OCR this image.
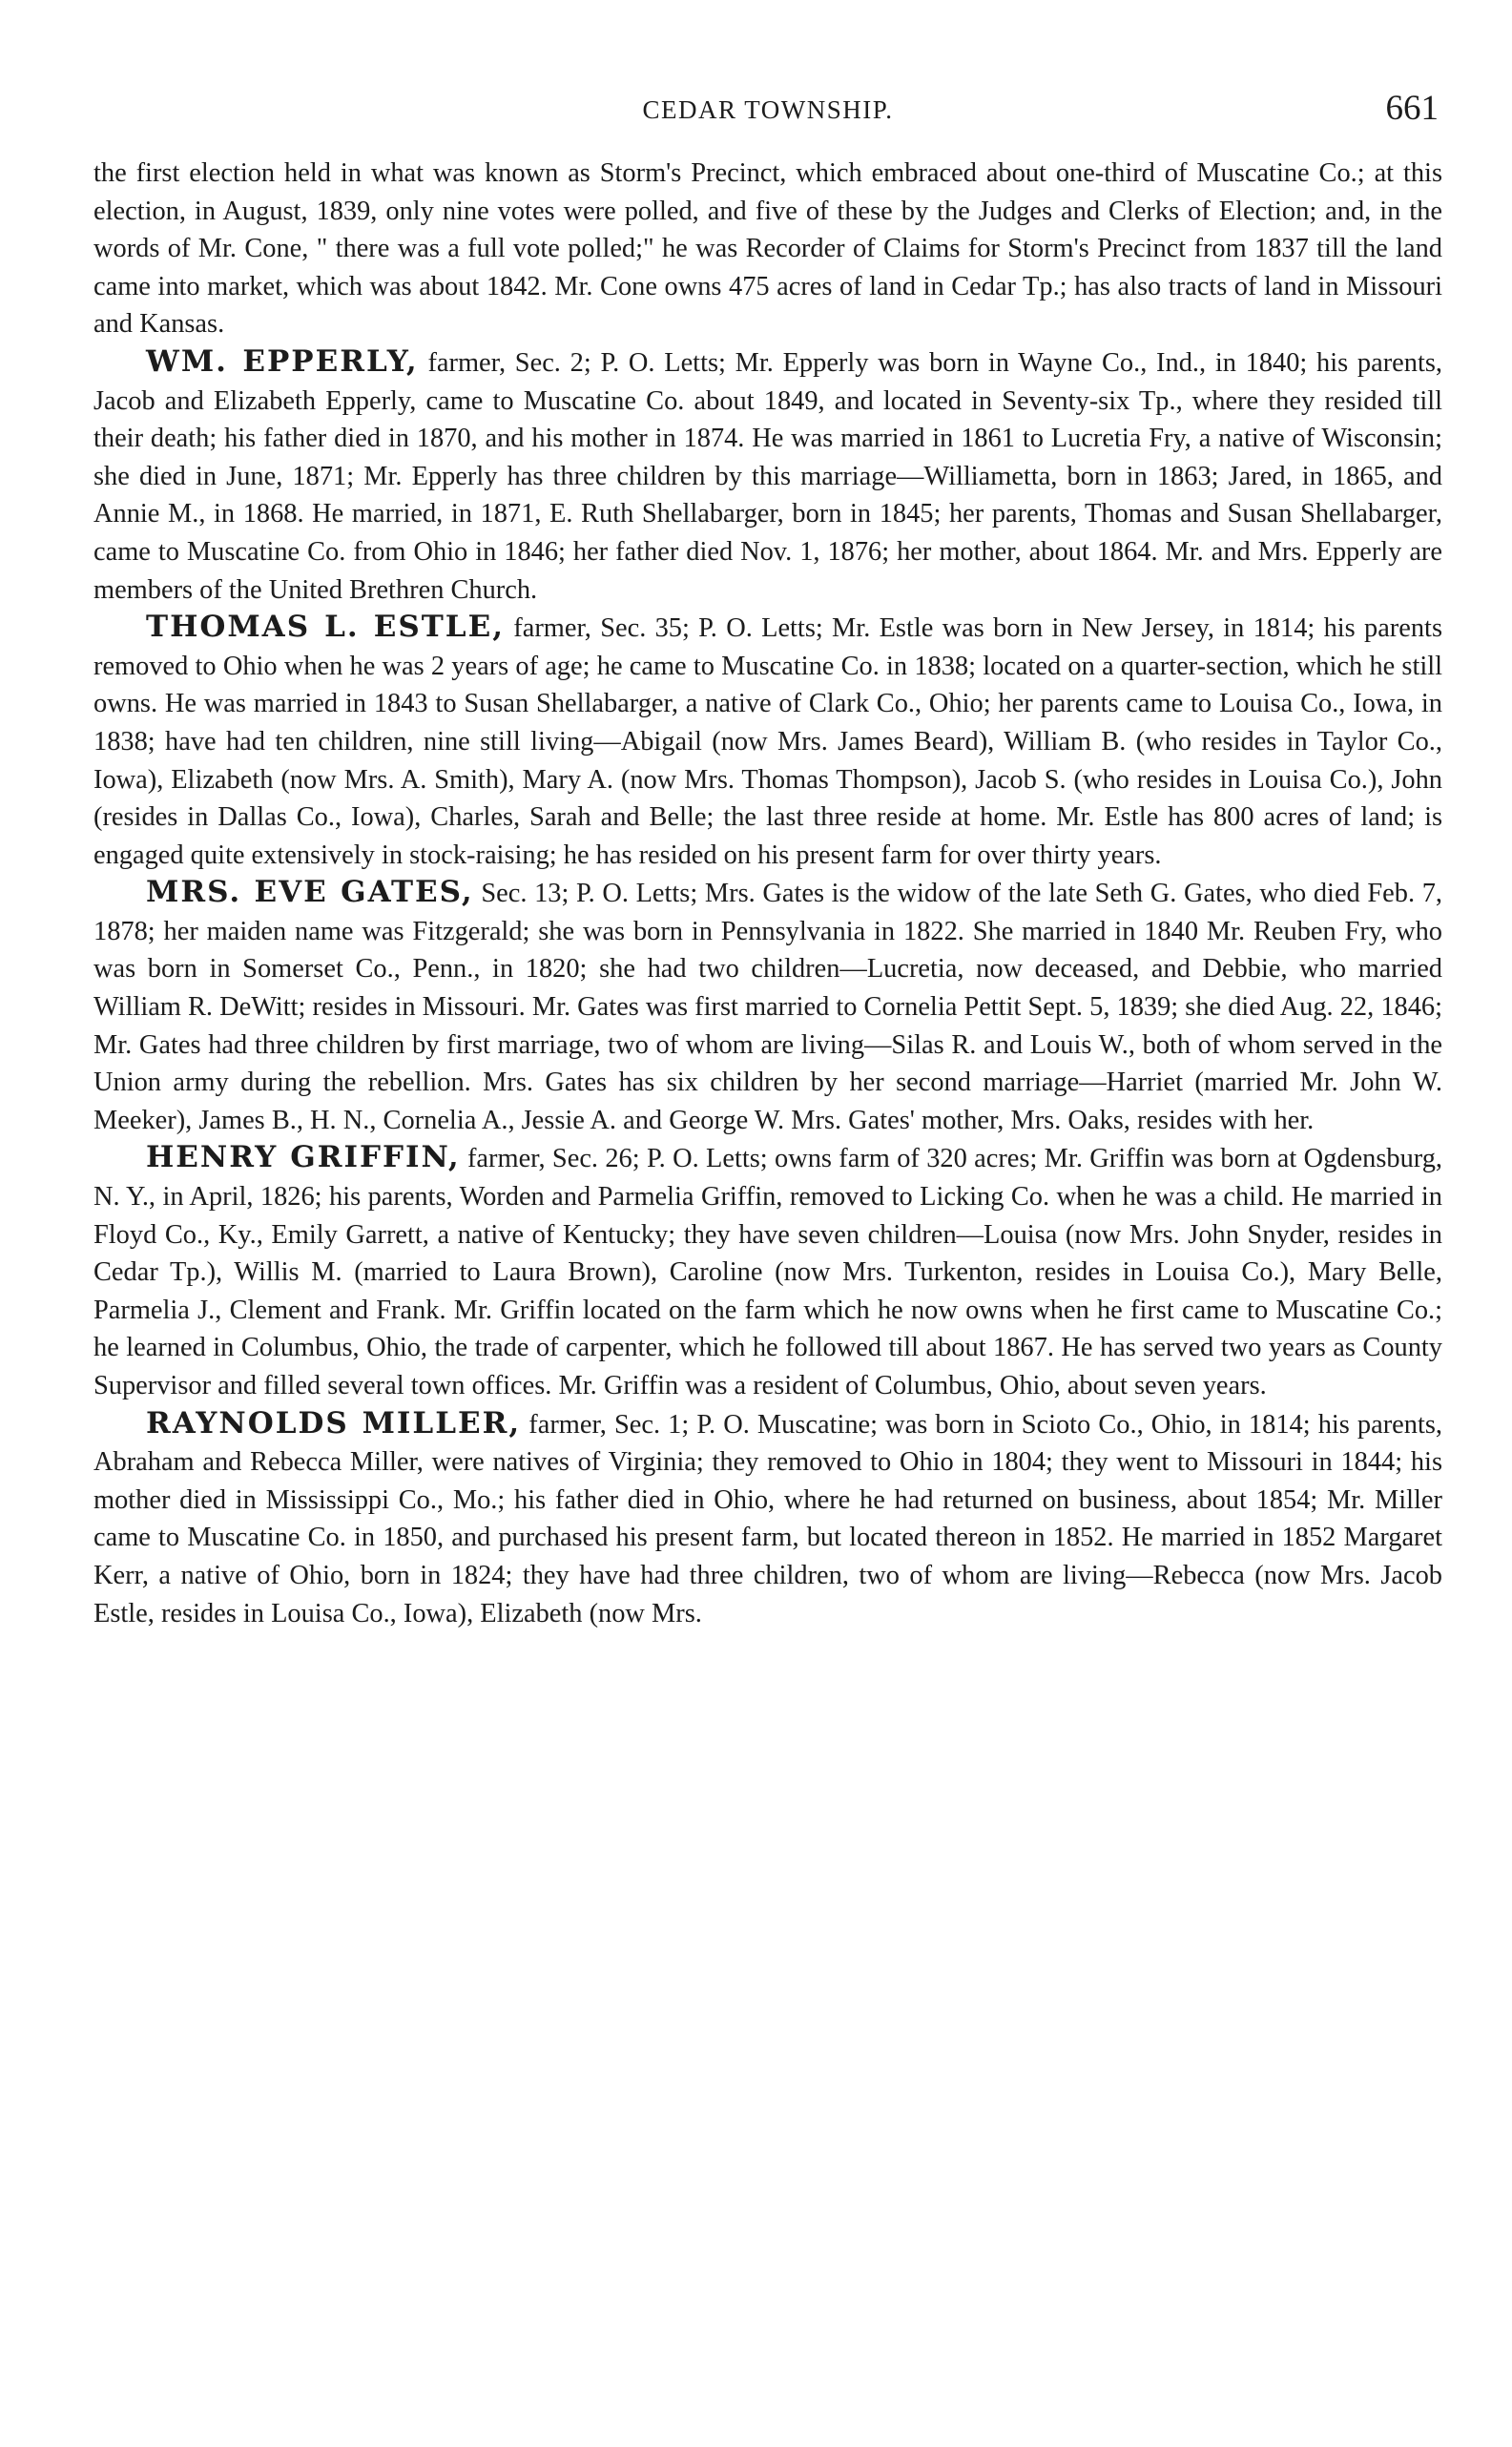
CEDAR TOWNSHIP.	661

the first election held in what was known as Storm's Precinct, which embraced about one-third of Muscatine Co.; at this election, in August, 1839, only nine votes were polled, and five of these by the Judges and Clerks of Election; and, in the words of Mr. Cone, " there was a full vote polled;" he was Recorder of Claims for Storm's Precinct from 1837 till the land came into market, which was about 1842. Mr. Cone owns 475 acres of land in Cedar Tp.; has also tracts of land in Missouri and Kansas.

WM. EPPERLY, farmer, Sec. 2; P. O. Letts; Mr. Epperly was born in Wayne Co., Ind., in 1840; his parents, Jacob and Elizabeth Epperly, came to Muscatine Co. about 1849, and located in Seventy-six Tp., where they resided till their death; his father died in 1870, and his mother in 1874. He was married in 1861 to Lucretia Fry, a native of Wisconsin; she died in June, 1871; Mr. Epperly has three children by this marriage—Williametta, born in 1863; Jared, in 1865, and Annie M., in 1868. He married, in 1871, E. Ruth Shellabarger, born in 1845; her parents, Thomas and Susan Shellabarger, came to Muscatine Co. from Ohio in 1846; her father died Nov. 1, 1876; her mother, about 1864. Mr. and Mrs. Epperly are members of the United Brethren Church.

THOMAS L. ESTLE, farmer, Sec. 35; P. O. Letts; Mr. Estle was born in New Jersey, in 1814; his parents removed to Ohio when he was 2 years of age; he came to Muscatine Co. in 1838; located on a quarter-section, which he still owns. He was married in 1843 to Susan Shellabarger, a native of Clark Co., Ohio; her parents came to Louisa Co., Iowa, in 1838; have had ten children, nine still living—Abigail (now Mrs. James Beard), William B. (who resides in Taylor Co., Iowa), Elizabeth (now Mrs. A. Smith), Mary A. (now Mrs. Thomas Thompson), Jacob S. (who resides in Louisa Co.), John (resides in Dallas Co., Iowa), Charles, Sarah and Belle; the last three reside at home. Mr. Estle has 800 acres of land; is engaged quite extensively in stock-raising; he has resided on his present farm for over thirty years.

MRS. EVE GATES, Sec. 13; P. O. Letts; Mrs. Gates is the widow of the late Seth G. Gates, who died Feb. 7, 1878; her maiden name was Fitzgerald; she was born in Pennsylvania in 1822. She married in 1840 Mr. Reuben Fry, who was born in Somerset Co., Penn., in 1820; she had two children—Lucretia, now deceased, and Debbie, who married William R. DeWitt; resides in Missouri. Mr. Gates was first married to Cornelia Pettit Sept. 5, 1839; she died Aug. 22, 1846; Mr. Gates had three children by first marriage, two of whom are living—Silas R. and Louis W., both of whom served in the Union army during the rebellion. Mrs. Gates has six children by her second marriage—Harriet (married Mr. John W. Meeker), James B., H. N., Cornelia A., Jessie A. and George W. Mrs. Gates' mother, Mrs. Oaks, resides with her.

HENRY GRIFFIN, farmer, Sec. 26; P. O. Letts; owns farm of 320 acres; Mr. Griffin was born at Ogdensburg, N. Y., in April, 1826; his parents, Worden and Parmelia Griffin, removed to Licking Co. when he was a child. He married in Floyd Co., Ky., Emily Garrett, a native of Kentucky; they have seven children—Louisa (now Mrs. John Snyder, resides in Cedar Tp.), Willis M. (married to Laura Brown), Caroline (now Mrs. Turkenton, resides in Louisa Co.), Mary Belle, Parmelia J., Clement and Frank. Mr. Griffin located on the farm which he now owns when he first came to Muscatine Co.; he learned in Columbus, Ohio, the trade of carpenter, which he followed till about 1867. He has served two years as County Supervisor and filled several town offices. Mr. Griffin was a resident of Columbus, Ohio, about seven years.

RAYNOLDS MILLER, farmer, Sec. 1; P. O. Muscatine; was born in Scioto Co., Ohio, in 1814; his parents, Abraham and Rebecca Miller, were natives of Virginia; they removed to Ohio in 1804; they went to Missouri in 1844; his mother died in Mississippi Co., Mo.; his father died in Ohio, where he had returned on business, about 1854; Mr. Miller came to Muscatine Co. in 1850, and purchased his present farm, but located thereon in 1852. He married in 1852 Margaret Kerr, a native of Ohio, born in 1824; they have had three children, two of whom are living—Rebecca (now Mrs. Jacob Estle, resides in Louisa Co., Iowa), Elizabeth (now Mrs.
